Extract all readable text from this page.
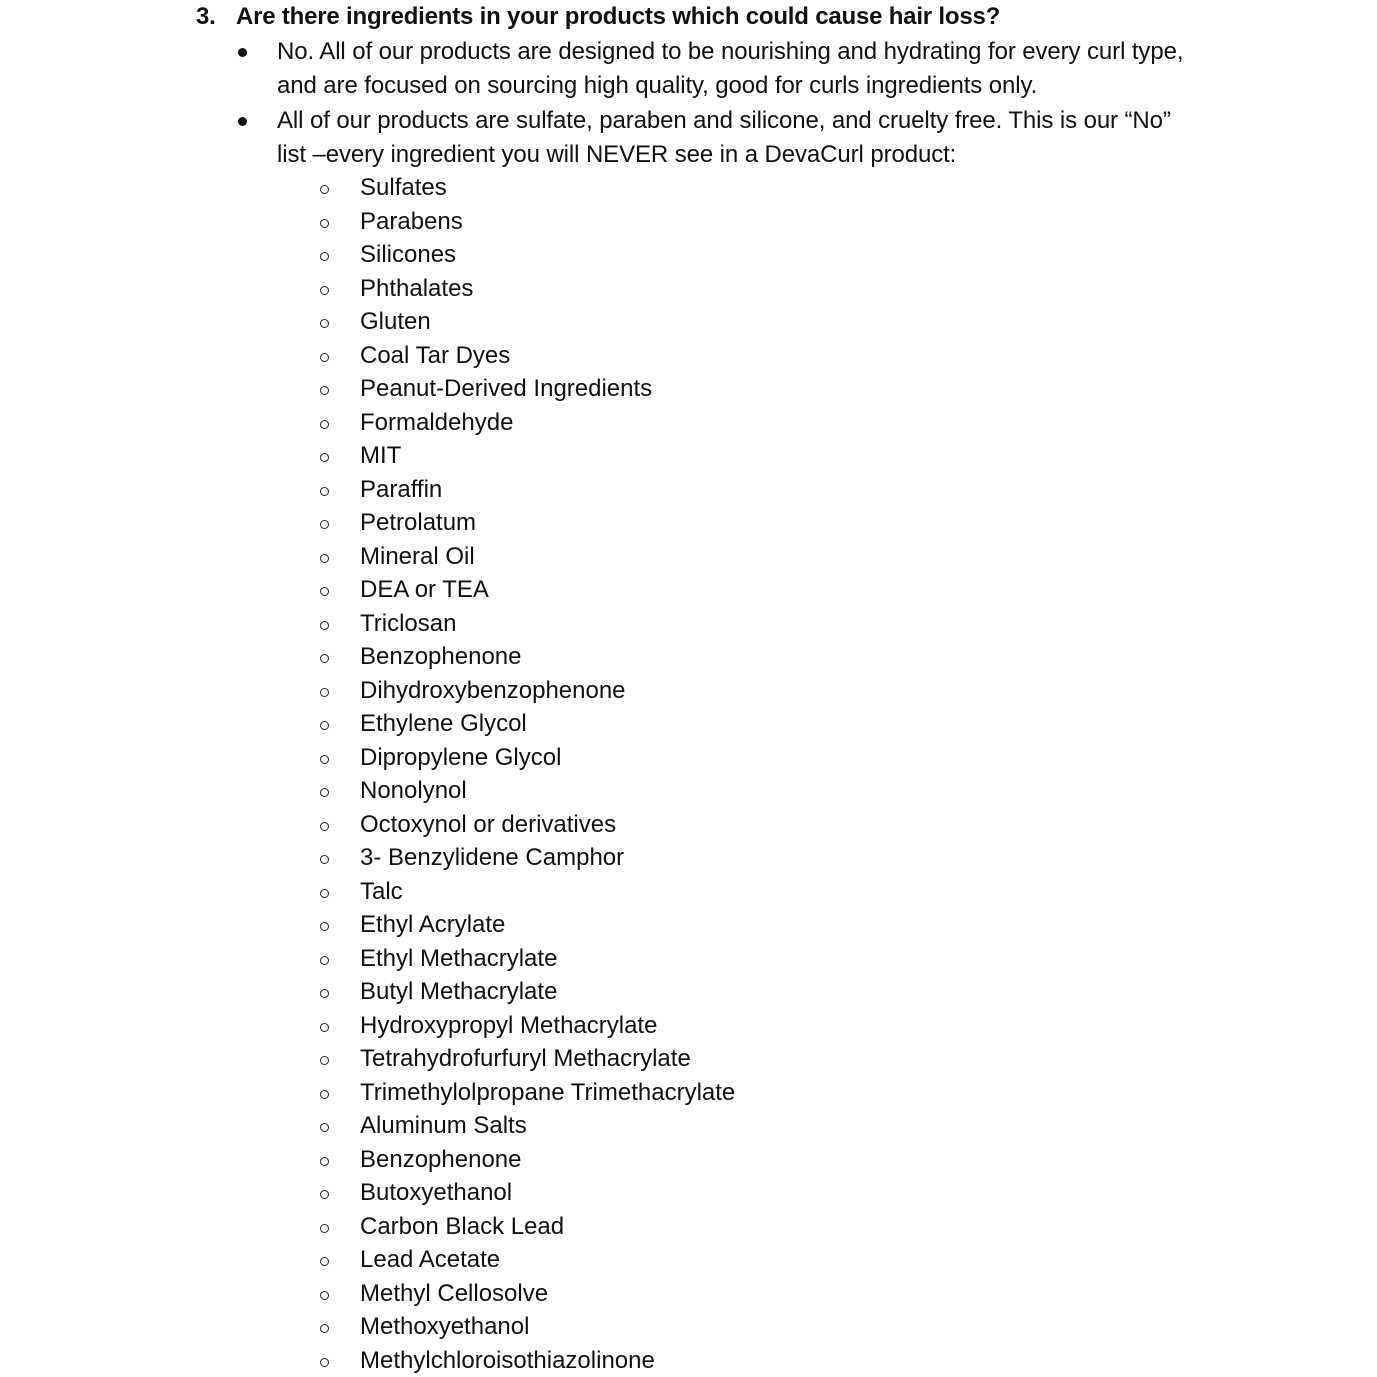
3. Are there ingredients in your products which could cause hair loss?
No. All of our products are designed to be nourishing and hydrating for every curl type, and are focused on sourcing high quality, good for curls ingredients only.
All of our products are sulfate, paraben and silicone, and cruelty free. This is our “No” list –every ingredient you will NEVER see in a DevaCurl product:
Sulfates
Parabens
Silicones
Phthalates
Gluten
Coal Tar Dyes
Peanut-Derived Ingredients
Formaldehyde
MIT
Paraffin
Petrolatum
Mineral Oil
DEA or TEA
Triclosan
Benzophenone
Dihydroxybenzophenone
Ethylene Glycol
Dipropylene Glycol
Nonolynol
Octoxynol or derivatives
3- Benzylidene Camphor
Talc
Ethyl Acrylate
Ethyl Methacrylate
Butyl Methacrylate
Hydroxypropyl Methacrylate
Tetrahydrofurfuryl Methacrylate
Trimethylolpropane Trimethacrylate
Aluminum Salts
Benzophenone
Butoxyethanol
Carbon Black Lead
Lead Acetate
Methyl Cellosolve
Methoxyethanol
Methylchloroisothiazolinone
